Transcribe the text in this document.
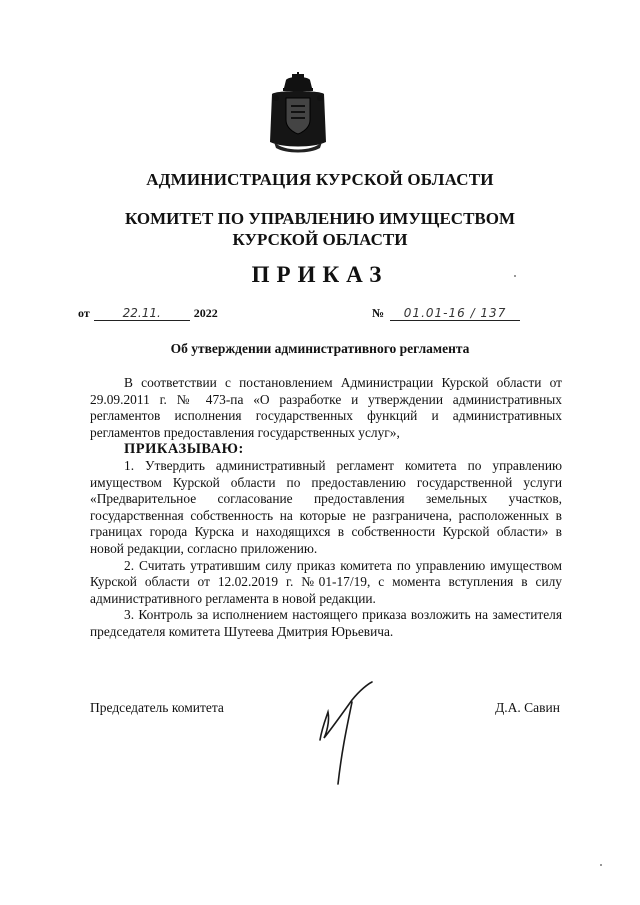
АДМИНИСТРАЦИЯ КУРСКОЙ ОБЛАСТИ
КОМИТЕТ ПО УПРАВЛЕНИЮ ИМУЩЕСТВОМ
КУРСКОЙ ОБЛАСТИ
ПРИКАЗ
от	22.11.	2022	№ 01.01-16 / 137
Об утверждении административного регламента

В соответствии с постановлением Администрации Курской области от 29.09.2011 г. № 473-па «О разработке и утверждении административных регламентов исполнения государственных функций и административных регламентов предоставления государственных услуг»,

ПРИКАЗЫВАЮ:

1. Утвердить административный регламент комитета по управлению имуществом Курской области по предоставлению государственной услуги «Предварительное согласование предоставления земельных участков, государственная собственность на которые не разграничена, расположенных в границах города Курска и находящихся в собственности Курской области» в новой редакции, согласно приложению.

2. Считать утратившим силу приказ комитета по управлению имуществом Курской области от 12.02.2019 г. №01-17/19, с момента вступления в силу административного регламента в новой редакции.

3. Контроль за исполнением настоящего приказа возложить на заместителя председателя комитета Шутеева Дмитрия Юрьевича.

Председатель комитета	Д.А. Савин
